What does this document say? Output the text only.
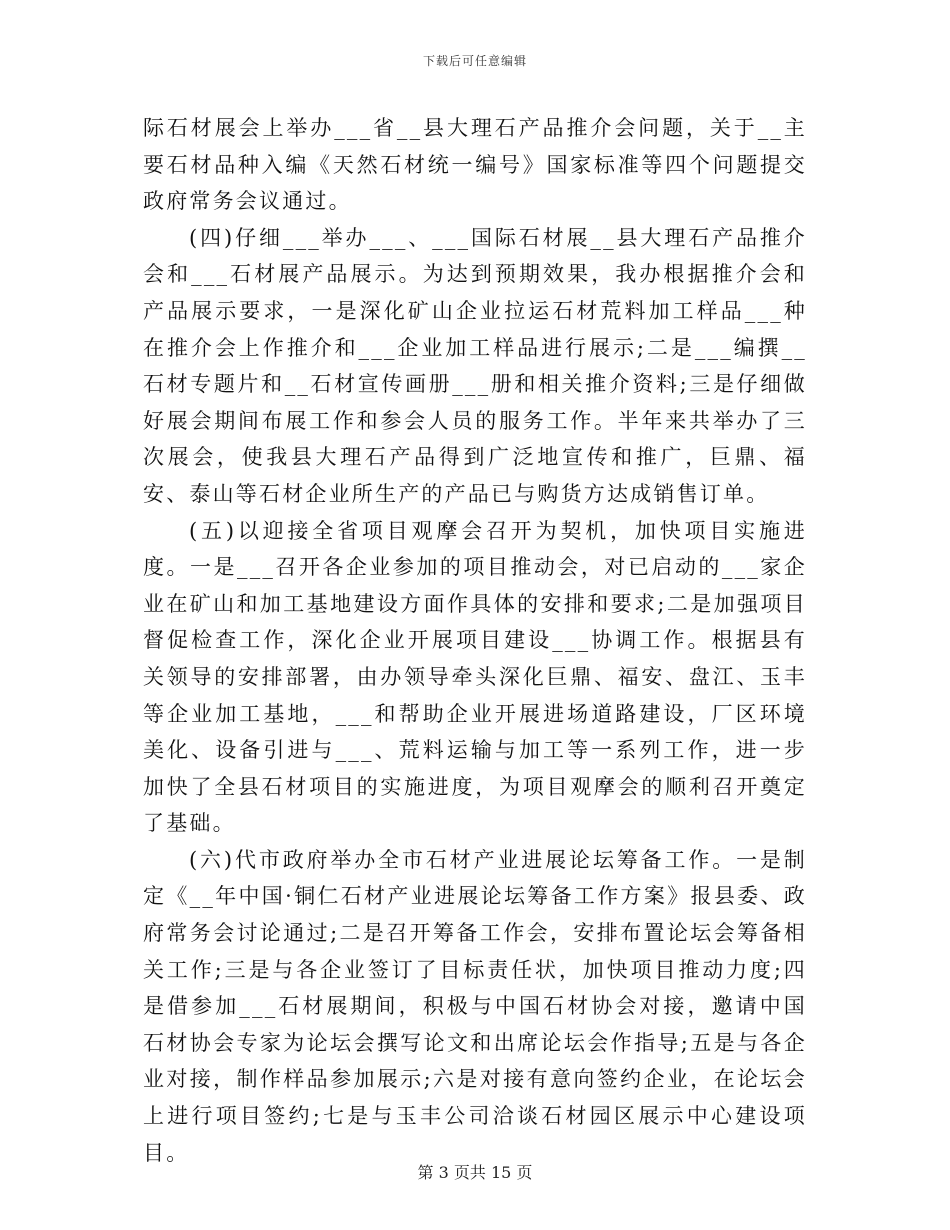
下载后可任意编辑

际石材展会上举办___省__县大理石产品推介会问题，关于__主要石材品种入编《天然石材统一编号》国家标准等四个问题提交政府常务会议通过。

(四)仔细___举办___、___国际石材展__县大理石产品推介会和___石材展产品展示。为达到预期效果，我办根据推介会和产品展示要求，一是深化矿山企业拉运石材荒料加工样品___种在推介会上作推介和___企业加工样品进行展示;二是___编撰__石材专题片和__石材宣传画册___册和相关推介资料;三是仔细做好展会期间布展工作和参会人员的服务工作。半年来共举办了三次展会，使我县大理石产品得到广泛地宣传和推广，巨鼎、福安、泰山等石材企业所生产的产品已与购货方达成销售订单。

(五)以迎接全省项目观摩会召开为契机，加快项目实施进度。一是___召开各企业参加的项目推动会，对已启动的___家企业在矿山和加工基地建设方面作具体的安排和要求;二是加强项目督促检查工作，深化企业开展项目建设___协调工作。根据县有关领导的安排部署，由办领导牵头深化巨鼎、福安、盘江、玉丰等企业加工基地，___和帮助企业开展进场道路建设，厂区环境美化、设备引进与___、荒料运输与加工等一系列工作，进一步加快了全县石材项目的实施进度，为项目观摩会的顺利召开奠定了基础。

(六)代市政府举办全市石材产业进展论坛筹备工作。一是制定《__年中国·铜仁石材产业进展论坛筹备工作方案》报县委、政府常务会讨论通过;二是召开筹备工作会，安排布置论坛会筹备相关工作;三是与各企业签订了目标责任状，加快项目推动力度;四是借参加___石材展期间，积极与中国石材协会对接，邀请中国石材协会专家为论坛会撰写论文和出席论坛会作指导;五是与各企业对接，制作样品参加展示;六是对接有意向签约企业，在论坛会上进行项目签约;七是与玉丰公司洽谈石材园区展示中心建设项目。

第 3 页共 15 页
